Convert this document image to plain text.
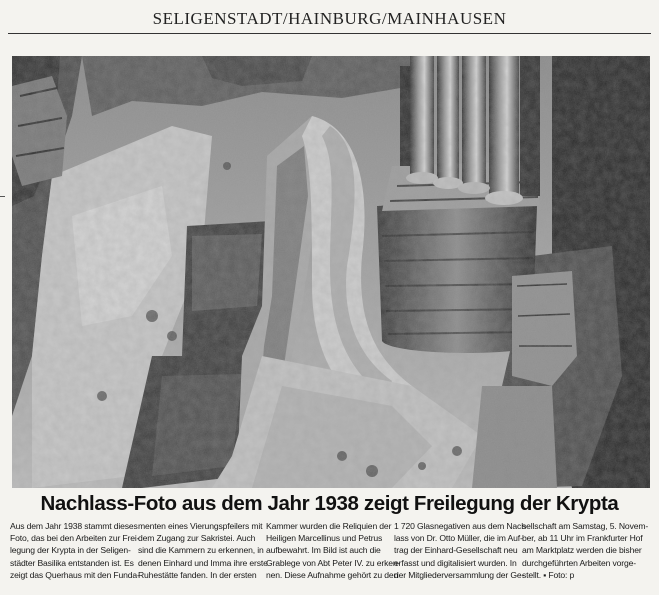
SELIGENSTADT/HAINBURG/MAINHAUSEN
Nachlass-Foto aus dem Jahr 1938 zeigt Freilegung der Krypta
Aus dem Jahr 1938 stammt dieses
Foto, das bei den Arbeiten zur Frei-
legung der Krypta in der Seligen-
städter Basilika entstanden ist. Es
zeigt das Querhaus mit den Funda-
menten eines Vierungspfeilers mit
dem Zugang zur Sakristei. Auch
sind die Kammern zu erkennen, in
denen Einhard und Imma ihre erste
Ruhestätte fanden. In der ersten
Kammer wurden die Reliquien der
Heiligen Marcellinus und Petrus
aufbewahrt. Im Bild ist auch die
Grablege von Abt Peter IV. zu erken-
nen. Diese Aufnahme gehört zu den
1 720 Glasnegativen aus dem Nach-
lass von Dr. Otto Müller, die im Auf-
trag der Einhard-Gesellschaft neu
erfasst und digitalisiert wurden. In
der Mitgliederversammlung der Ge-
sellschaft am Samstag, 5. Novem-
ber, ab 11 Uhr im Frankfurter Hof
am Marktplatz werden die bisher
durchgeführten Arbeiten vorge-
stellt. ▪ Foto: p
